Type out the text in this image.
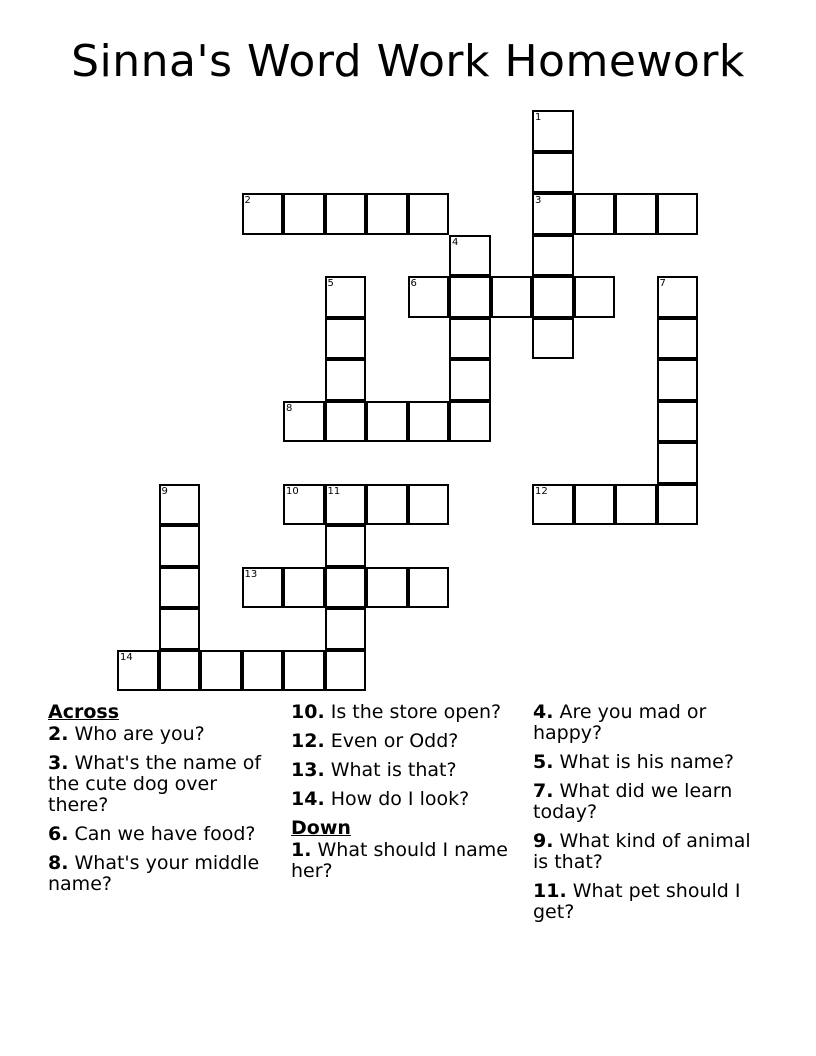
Sinna's Word Work Homework
1
2	3
4
5	6	7
8
9	10	11	12
13
14
Across
2. Who are you?
3. What's the name of the cute dog over there?
6. Can we have food?
8. What's your middle name?
10. Is the store open?
12. Even or Odd?
13. What is that?
14. How do I look?
Down
1. What should I name her?
4. Are you mad or happy?
5. What is his name?
7. What did we learn today?
9. What kind of animal is that?
11. What pet should I get?
